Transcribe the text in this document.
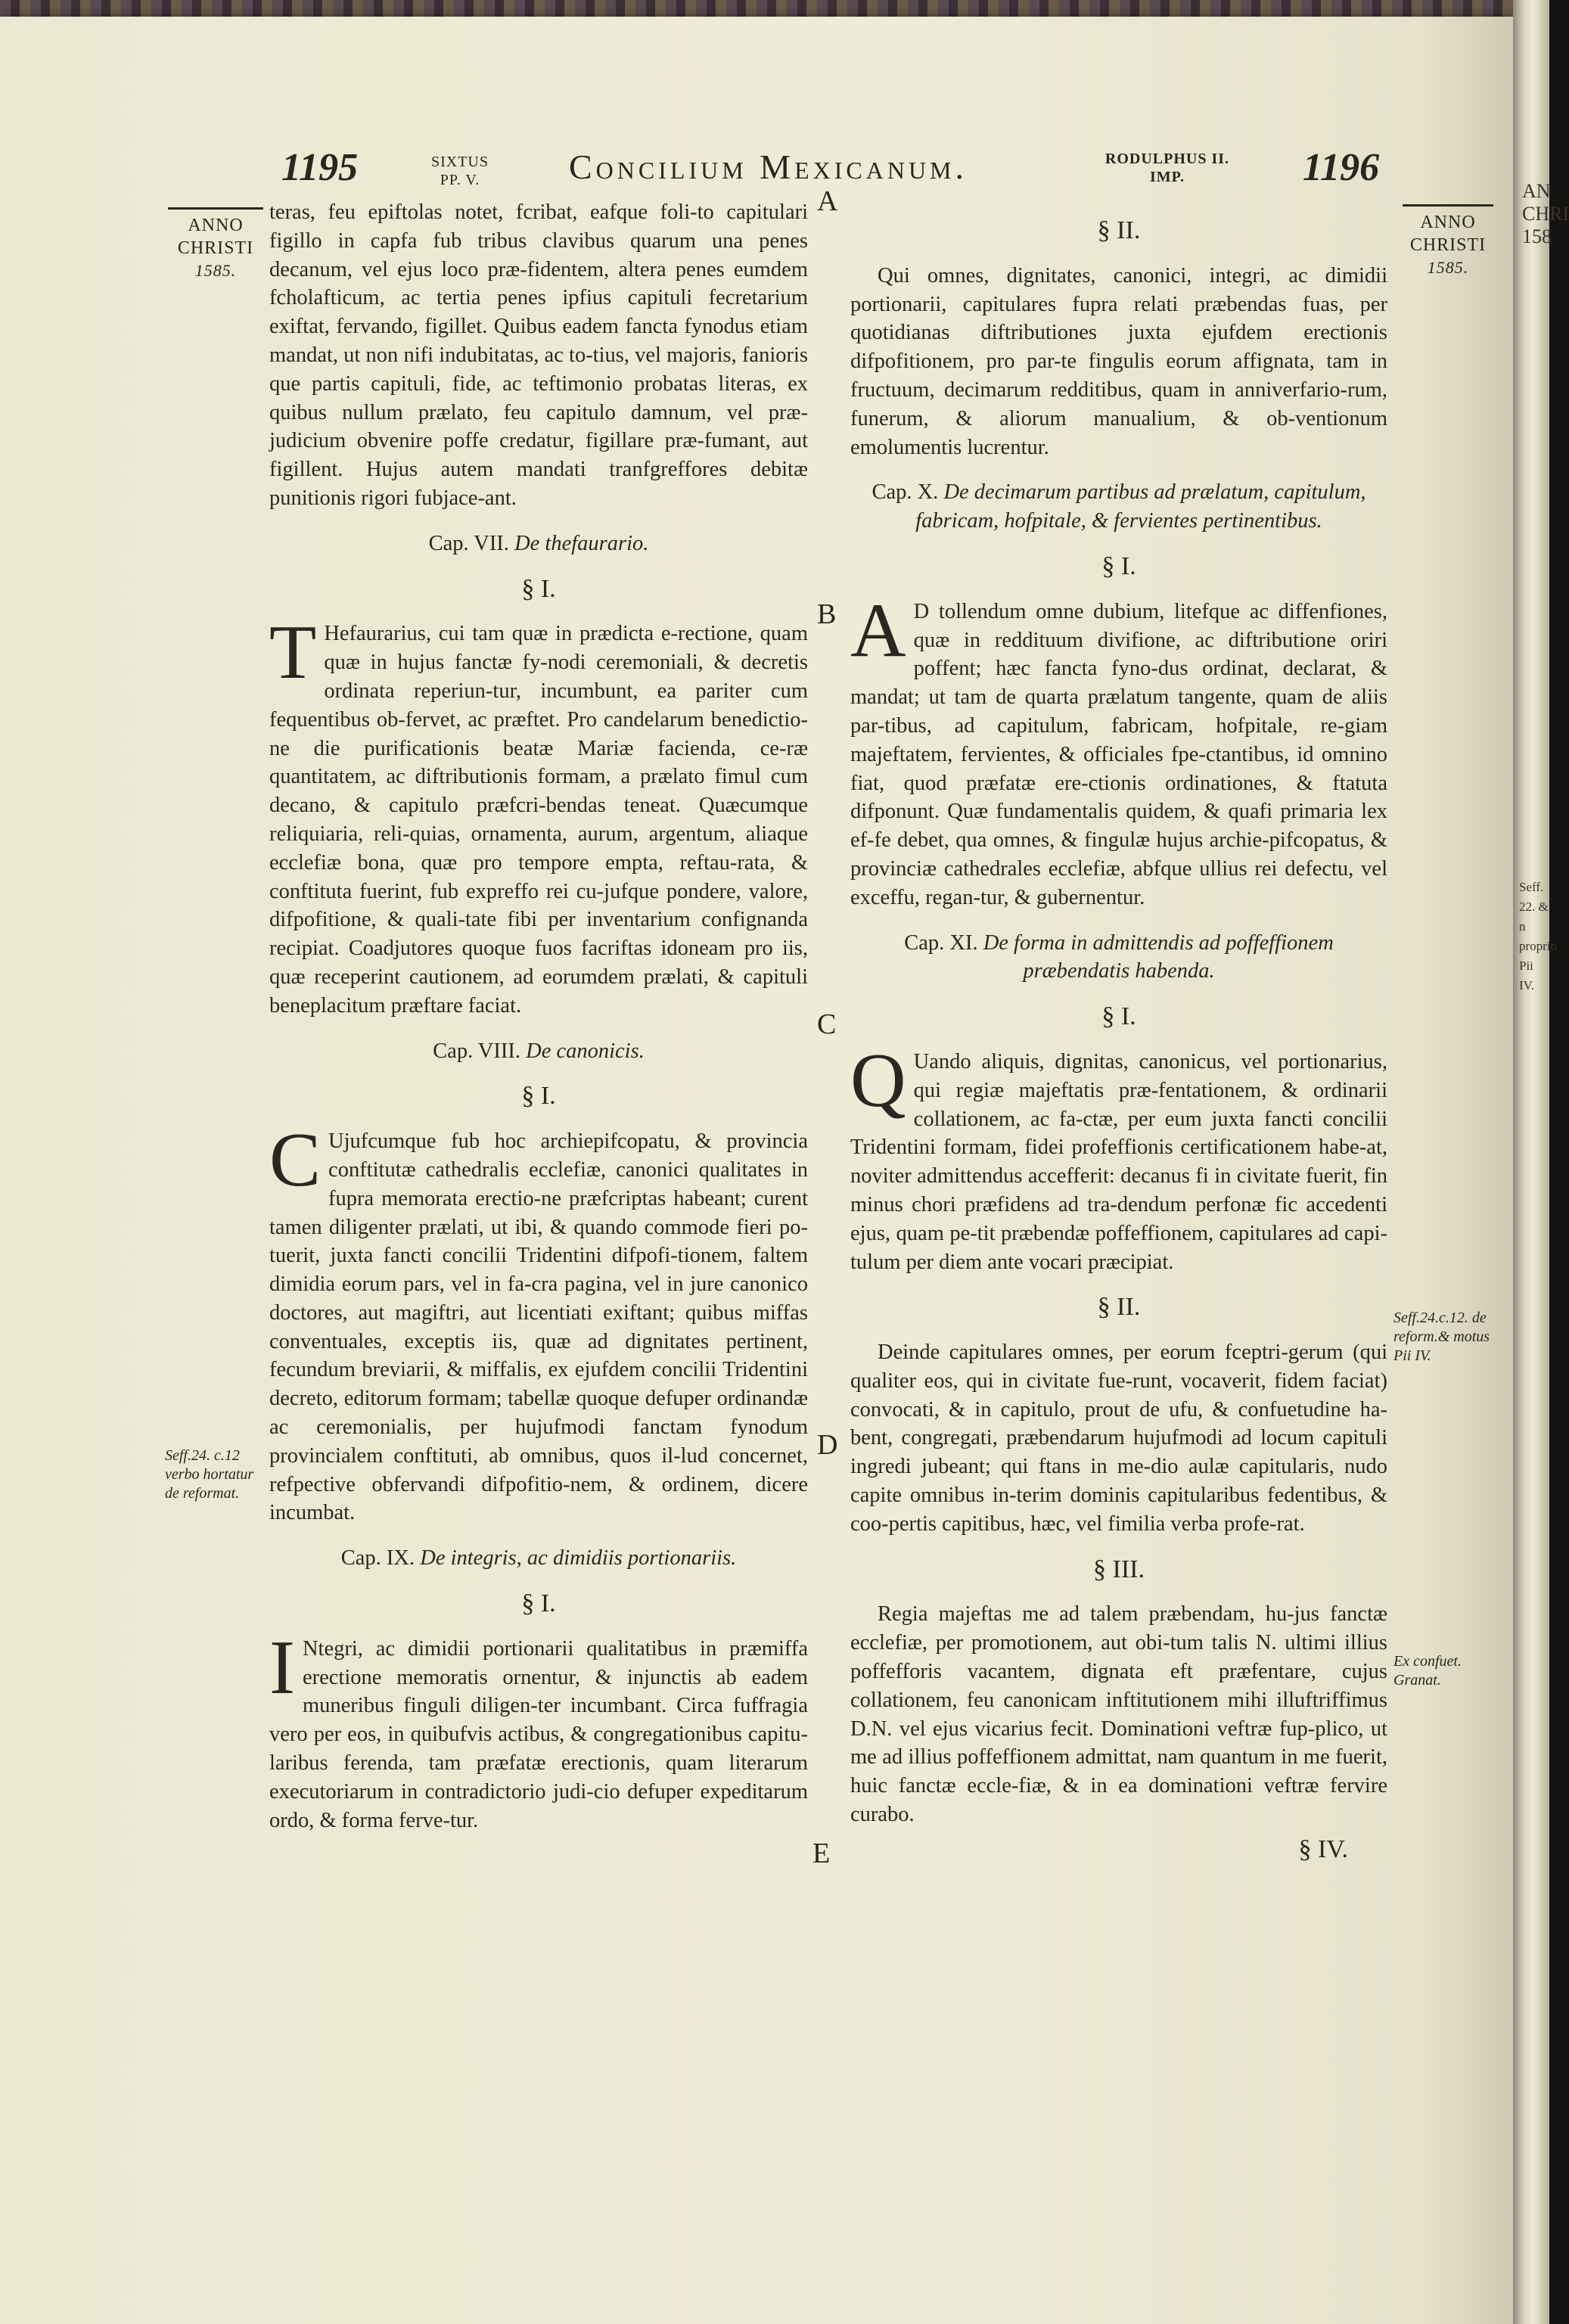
1195	SIXTUS PP. V.	Concilium Mexicanum.	RODULPHUS II. IMP.	1196
ANNO CHRISTI
1585.
ANNO CHRISTI
1585.
Seff.24. c.12 verbo hortatur de reformat.
Seff.24.c.12. de reform.& motus Pii IV.
Ex confuet. Granat.
A
B
C
D
E

teras, feu epiftolas notet, fcribat, eafque foli-to capitulari figillo in capfa fub tribus clavibus quarum una penes decanum, vel ejus loco præ-fidentem, altera penes eumdem fcholafticum, ac tertia penes ipfius capituli fecretarium exiftat, fervando, figillet. Quibus eadem fancta fynodus etiam mandat, ut non nifi indubitatas, ac to-tius, vel majoris, fanioris que partis capituli, fide, ac teftimonio probatas literas, ex quibus nullum prælato, feu capitulo damnum, vel præ-judicium obvenire poffe credatur, figillare præ-fumant, aut figillent. Hujus autem mandati tranfgreffores debitæ punitionis rigori fubjace-ant.

Cap. VII. De thefaurario.
§ I.

T Hefaurarius, cui tam quæ in prædicta e-rectione, quam quæ in hujus fanctæ fy-nodi ceremoniali, & decretis ordinata reperiun-tur, incumbunt, ea pariter cum fequentibus ob-fervet, ac præftet. Pro candelarum benedictio-ne die purificationis beatæ Mariæ facienda, ce-ræ quantitatem, ac diftributionis formam, a prælato fimul cum decano, & capitulo præfcri-bendas teneat. Quæcumque reliquiaria, reli-quias, ornamenta, aurum, argentum, aliaque ecclefiæ bona, quæ pro tempore empta, reftau-rata, & conftituta fuerint, fub expreffo rei cu-jufque pondere, valore, difpofitione, & quali-tate fibi per inventarium confignanda recipiat. Coadjutores quoque fuos facriftas idoneam pro iis, quæ receperint cautionem, ad eorumdem prælati, & capituli beneplacitum præftare faciat.

Cap. VIII. De canonicis.
§ I.

C Ujufcumque fub hoc archiepifcopatu, & provincia conftitutæ cathedralis ecclefiæ, canonici qualitates in fupra memorata erectio-ne præfcriptas habeant; curent tamen diligenter prælati, ut ibi, & quando commode fieri po-tuerit, juxta fancti concilii Tridentini difpofi-tionem, faltem dimidia eorum pars, vel in fa-cra pagina, vel in jure canonico doctores, aut magiftri, aut licentiati exiftant; quibus miffas conventuales, exceptis iis, quæ ad dignitates pertinent, fecundum breviarii, & miffalis, ex ejufdem concilii Tridentini decreto, editorum formam; tabellæ quoque defuper ordinandæ ac ceremonialis, per hujufmodi fanctam fynodum provincialem conftituti, ab omnibus, quos il-lud concernet, refpective obfervandi difpofitio-nem, & ordinem, dicere incumbat.

Cap. IX. De integris, ac dimidiis portionariis.
§ I.

I Ntegri, ac dimidii portionarii qualitatibus in præmiffa erectione memoratis ornentur, & injunctis ab eadem muneribus finguli diligen-ter incumbant. Circa fuffragia vero per eos, in quibufvis actibus, & congregationibus capitu-laribus ferenda, tam præfatæ erectionis, quam literarum executoriarum in contradictorio judi-cio defuper expeditarum ordo, & forma ferve-tur.

§ II.

Qui omnes, dignitates, canonici, integri, ac dimidii portionarii, capitulares fupra relati præbendas fuas, per quotidianas diftributiones juxta ejufdem erectionis difpofitionem, pro par-te fingulis eorum affignata, tam in fructuum, decimarum redditibus, quam in anniverfario-rum, funerum, & aliorum manualium, & ob-ventionum emolumentis lucrentur.

Cap. X. De decimarum partibus ad prælatum, capitulum, fabricam, hofpitale, & fervientes pertinentibus.
§ I.

A D tollendum omne dubium, litefque ac diffenfiones, quæ in reddituum divifione, ac diftributione oriri poffent; hæc fancta fyno-dus ordinat, declarat, & mandat; ut tam de quarta prælatum tangente, quam de aliis par-tibus, ad capitulum, fabricam, hofpitale, re-giam majeftatem, fervientes, & officiales fpe-ctantibus, id omnino fiat, quod præfatæ ere-ctionis ordinationes, & ftatuta difponunt. Quæ fundamentalis quidem, & quafi primaria lex ef-fe debet, qua omnes, & fingulæ hujus archie-pifcopatus, & provinciæ cathedrales ecclefiæ, abfque ullius rei defectu, vel exceffu, regan-tur, & gubernentur.

Cap. XI. De forma in admittendis ad poffeffionem præbendatis habenda.
§ I.

Q Uando aliquis, dignitas, canonicus, vel portionarius, qui regiæ majeftatis præ-fentationem, & ordinarii collationem, ac fa-ctæ, per eum juxta fancti concilii Tridentini formam, fidei profeffionis certificationem habe-at, noviter admittendus accefferit: decanus fi in civitate fuerit, fin minus chori præfidens ad tra-dendum perfonæ fic accedenti ejus, quam pe-tit præbendæ poffeffionem, capitulares ad capi-tulum per diem ante vocari præcipiat.

§ II.

Deinde capitulares omnes, per eorum fceptri-gerum (qui qualiter eos, qui in civitate fue-runt, vocaverit, fidem faciat) convocati, & in capitulo, prout de ufu, & confuetudine ha-bent, congregati, præbendarum hujufmodi ad locum capituli ingredi jubeant; qui ftans in me-dio aulæ capitularis, nudo capite omnibus in-terim dominis capitularibus fedentibus, & coo-pertis capitibus, hæc, vel fimilia verba profe-rat.

§ III.

Regia majeftas me ad talem præbendam, hu-jus fanctæ ecclefiæ, per promotionem, aut obi-tum talis N. ultimi illius poffefforis vacantem, dignata eft præfentare, cujus collationem, feu canonicam inftitutionem mihi illuftriffimus D.N. vel ejus vicarius fecit. Dominationi veftræ fup-plico, ut me ad illius poffeffionem admittat, nam quantum in me fuerit, huic fanctæ eccle-fiæ, & in ea dominationi veftræ fervire curabo.

§ IV.
AN CHRI 158
Seff. 22. & n proprio Pii IV.
